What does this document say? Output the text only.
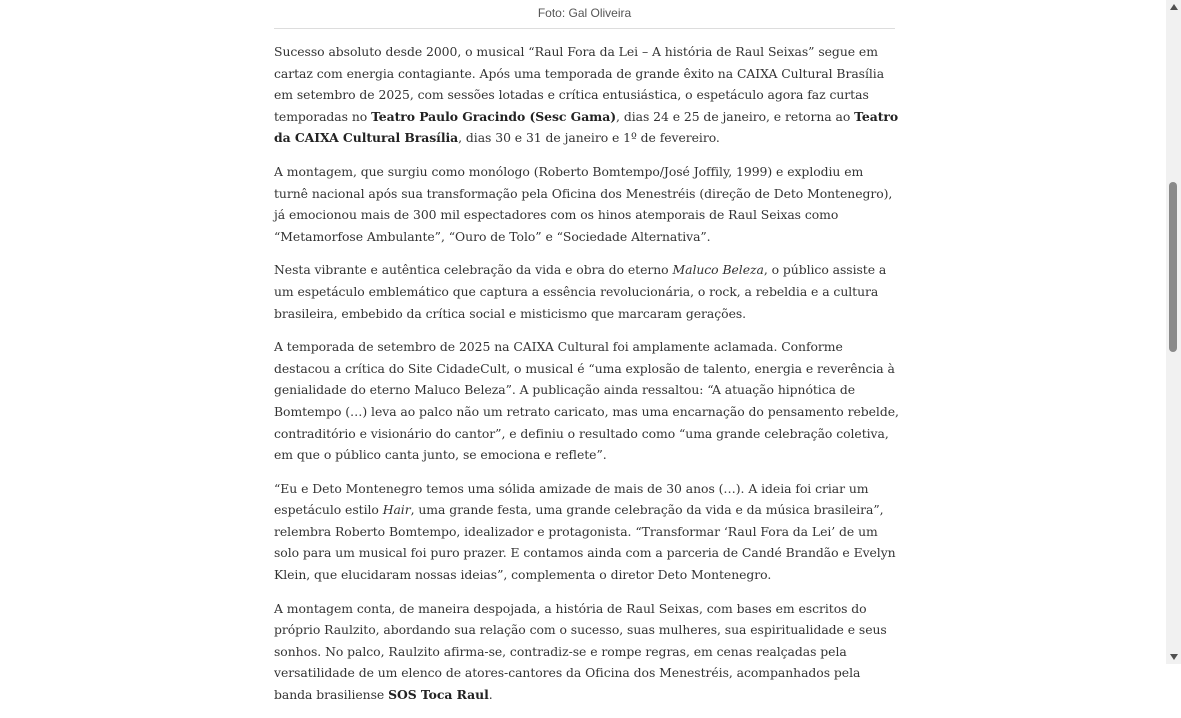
Foto: Gal Oliveira

Sucesso absoluto desde 2000, o musical “Raul Fora da Lei – A história de Raul Seixas” segue em cartaz com energia contagiante. Após uma temporada de grande êxito na CAIXA Cultural Brasília em setembro de 2025, com sessões lotadas e crítica entusiástica, o espetáculo agora faz curtas temporadas no Teatro Paulo Gracindo (Sesc Gama), dias 24 e 25 de janeiro, e retorna ao Teatro da CAIXA Cultural Brasília, dias 30 e 31 de janeiro e 1º de fevereiro.

A montagem, que surgiu como monólogo (Roberto Bomtempo/José Joffily, 1999) e explodiu em turnê nacional após sua transformação pela Oficina dos Menestréis (direção de Deto Montenegro), já emocionou mais de 300 mil espectadores com os hinos atemporais de Raul Seixas como “Metamorfose Ambulante”, “Ouro de Tolo” e “Sociedade Alternativa”.

Nesta vibrante e autêntica celebração da vida e obra do eterno Maluco Beleza, o público assiste a um espetáculo emblemático que captura a essência revolucionária, o rock, a rebeldia e a cultura brasileira, embebido da crítica social e misticismo que marcaram gerações.

A temporada de setembro de 2025 na CAIXA Cultural foi amplamente aclamada. Conforme destacou a crítica do Site CidadeCult, o musical é “uma explosão de talento, energia e reverência à genialidade do eterno Maluco Beleza”. A publicação ainda ressaltou: “A atuação hipnótica de Bomtempo (…) leva ao palco não um retrato caricato, mas uma encarnação do pensamento rebelde, contraditório e visionário do cantor”, e definiu o resultado como “uma grande celebração coletiva, em que o público canta junto, se emociona e reflete”.

“Eu e Deto Montenegro temos uma sólida amizade de mais de 30 anos (…). A ideia foi criar um espetáculo estilo Hair, uma grande festa, uma grande celebração da vida e da música brasileira”, relembra Roberto Bomtempo, idealizador e protagonista. “Transformar ‘Raul Fora da Lei’ de um solo para um musical foi puro prazer. E contamos ainda com a parceria de Candé Brandão e Evelyn Klein, que elucidaram nossas ideias”, complementa o diretor Deto Montenegro.

A montagem conta, de maneira despojada, a história de Raul Seixas, com bases em escritos do próprio Raulzito, abordando sua relação com o sucesso, suas mulheres, sua espiritualidade e seus sonhos. No palco, Raulzito afirma-se, contradiz-se e rompe regras, em cenas realçadas pela versatilidade de um elenco de atores-cantores da Oficina dos Menestréis, acompanhados pela banda brasiliense SOS Toca Raul.
